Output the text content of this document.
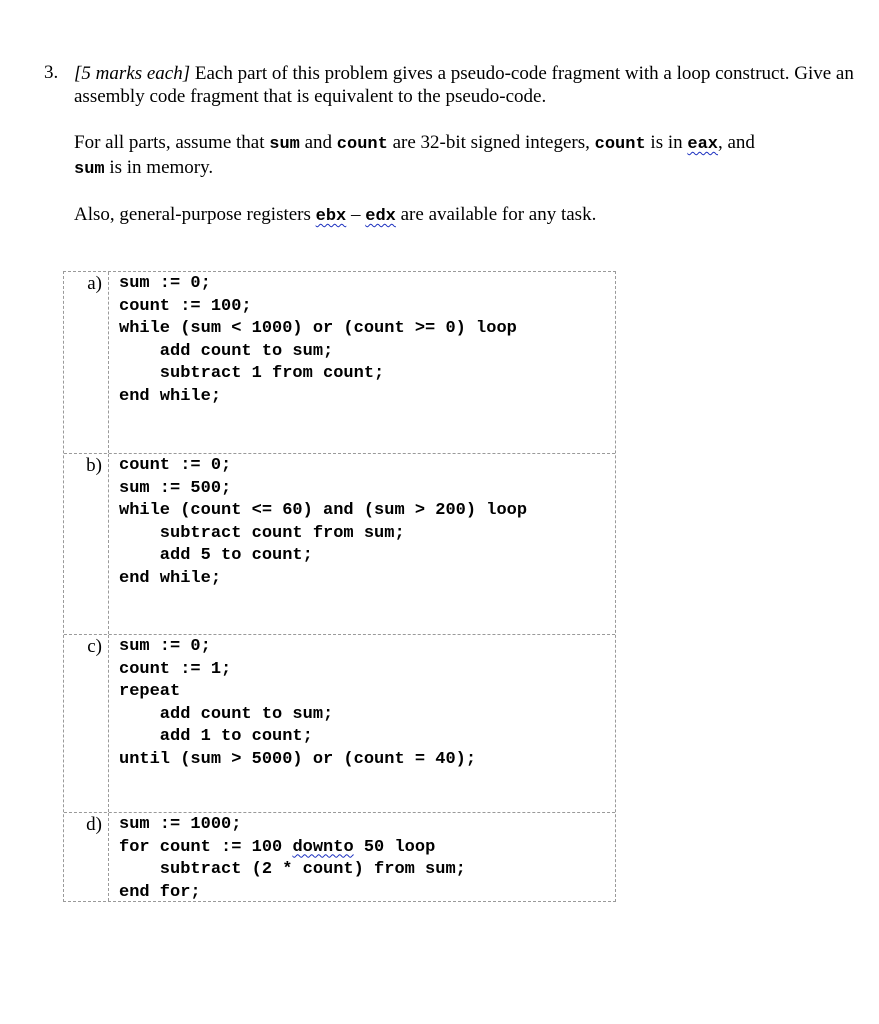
3. [5 marks each] Each part of this problem gives a pseudo-code fragment with a loop construct. Give an assembly code fragment that is equivalent to the pseudo-code.
For all parts, assume that sum and count are 32-bit signed integers, count is in eax, and
sum is in memory.
Also, general-purpose registers ebx – edx are available for any task.
a)	sum := 0;
count := 100;
while (sum < 1000) or (count >= 0) loop
add count to sum;
subtract 1 from count;
end while;
b)	count := 0;
sum := 500;
while (count <= 60) and (sum > 200) loop
subtract count from sum;
add 5 to count;
end while;
c)	sum := 0;
count := 1;
repeat
add count to sum;
add 1 to count;
until (sum > 5000) or (count = 40);
d)	sum := 1000;
for count := 100 downto 50 loop
subtract (2 * count) from sum;
end for;
